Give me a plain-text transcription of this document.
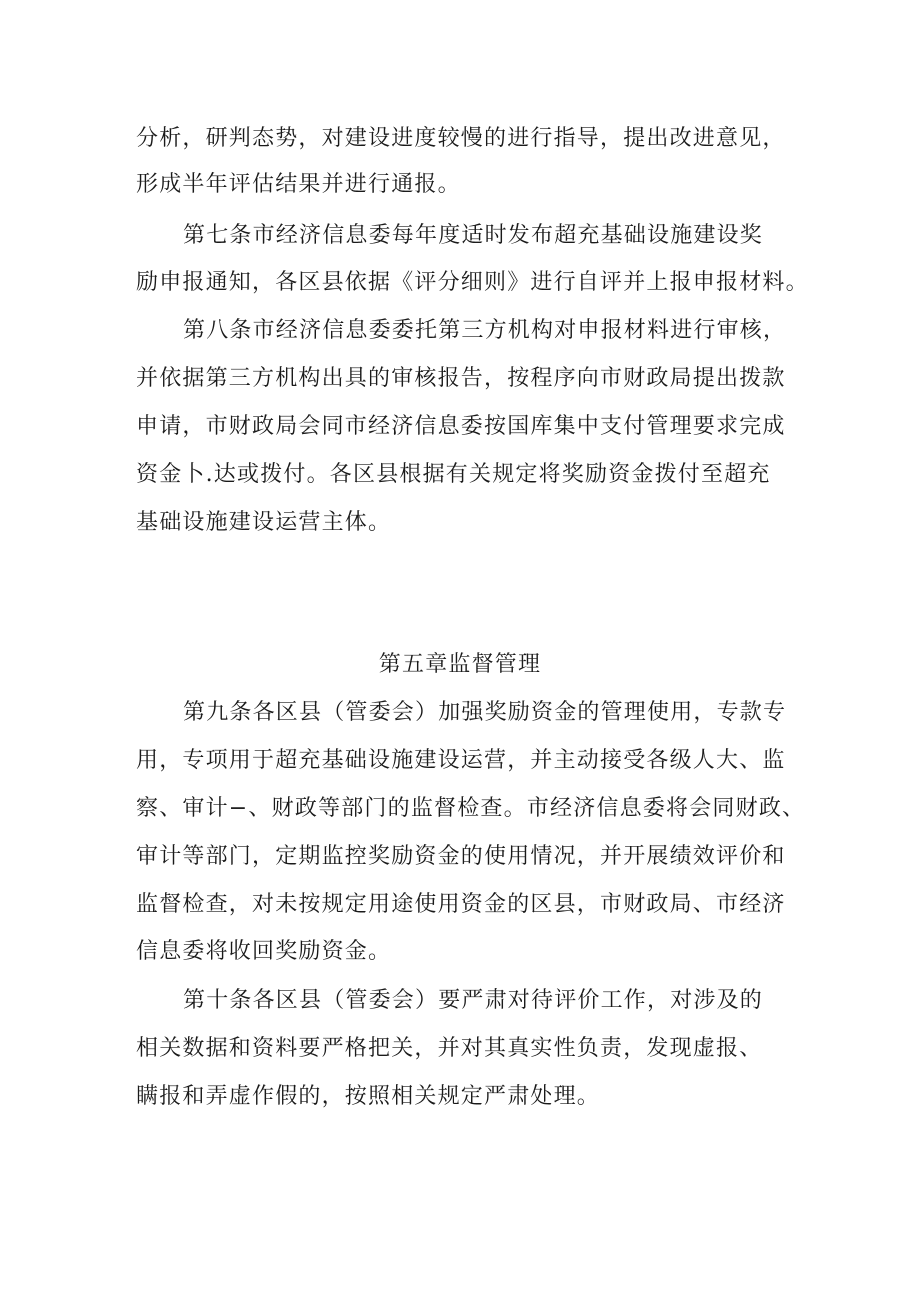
分析，研判态势，对建设进度较慢的进行指导，提出改进意见，
形成半年评估结果并进行通报。
第七条市经济信息委每年度适时发布超充基础设施建设奖
励申报通知，各区县依据《评分细则》进行自评并上报申报材料。
第八条市经济信息委委托第三方机构对申报材料进行审核，
并依据第三方机构出具的审核报告，按程序向市财政局提出拨款
申请，市财政局会同市经济信息委按国库集中支付管理要求完成
资金卜.达或拨付。各区县根据有关规定将奖励资金拨付至超充
基础设施建设运营主体。
第五章监督管理
第九条各区县（管委会）加强奖励资金的管理使用，专款专
用，专项用于超充基础设施建设运营，并主动接受各级人大、监
察、审计−、财政等部门的监督检查。市经济信息委将会同财政、
审计等部门，定期监控奖励资金的使用情况，并开展绩效评价和
监督检查，对未按规定用途使用资金的区县，市财政局、市经济
信息委将收回奖励资金。
第十条各区县（管委会）要严肃对待评价工作，对涉及的
相关数据和资料要严格把关，并对其真实性负责，发现虚报、
瞒报和弄虚作假的，按照相关规定严肃处理。
